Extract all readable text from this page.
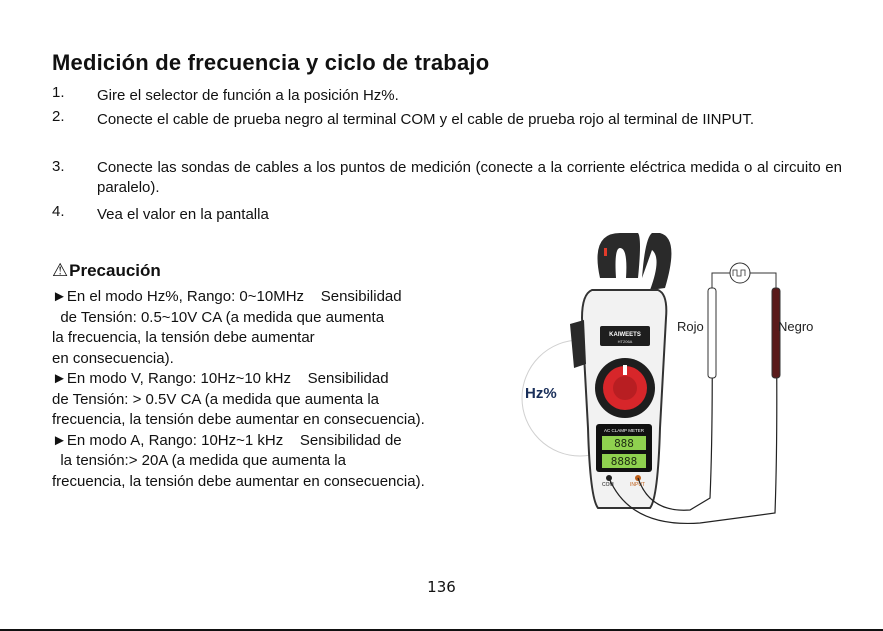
Medición de frecuencia y ciclo de trabajo
1. Gire el selector de función a la posición Hz%.
2. Conecte el cable de prueba negro al terminal COM y el cable de prueba rojo al terminal de IINPUT.
3. Conecte las sondas de cables a los puntos de medición (conecte a la corriente eléctrica medida o al circuito en paralelo).
4. Vea el valor en la pantalla
⚠Precaución
►En el modo Hz%, Rango: 0~10MHz    Sensibilidad
de Tensión: 0.5~10V CA (a medida que aumenta
la frecuencia, la tensión debe aumentar
en consecuencia).
►En modo V, Rango: 10Hz~10 kHz    Sensibilidad
de Tensión: > 0.5V CA (a medida que aumenta la
frecuencia, la tensión debe aumentar en consecuencia).
►En modo A, Rango: 10Hz~1 kHz    Sensibilidad de
la tensión:> 20A (a medida que aumenta la
frecuencia, la tensión debe aumentar en consecuencia).
Hz%
KAIWEETS
HT206A
AC CLAMP METER
888
8888
COM	INPUT
Rojo	Negro
136
